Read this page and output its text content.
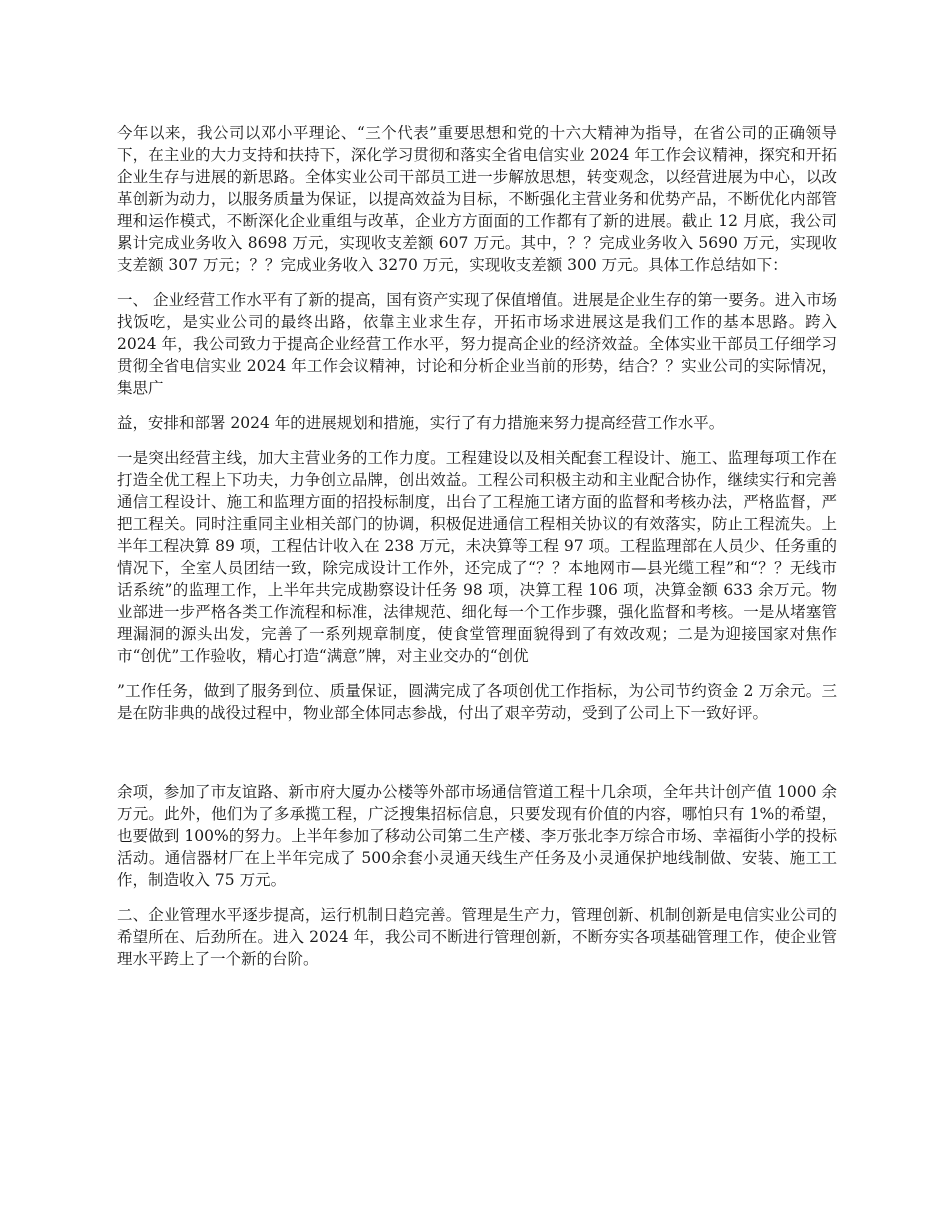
今年以来，我公司以邓小平理论、“三个代表”重要思想和党的十六大精神为指导，在省公司的正确领导下，在主业的大力支持和扶持下，深化学习贯彻和落实全省电信实业 2024 年工作会议精神，探究和开拓企业生存与进展的新思路。全体实业公司干部员工进一步解放思想，转变观念，以经营进展为中心，以改革创新为动力，以服务质量为保证，以提高效益为目标，不断强化主营业务和优势产品，不断优化内部管理和运作模式，不断深化企业重组与改革，企业方方面面的工作都有了新的进展。截止 12 月底，我公司累计完成业务收入 8698 万元，实现收支差额 607 万元。其中，？？完成业务收入 5690 万元，实现收支差额 307 万元；？？完成业务收入 3270 万元，实现收支差额 300 万元。具体工作总结如下：

一、 企业经营工作水平有了新的提高，国有资产实现了保值增值。进展是企业生存的第一要务。进入市场找饭吃，是实业公司的最终出路，依靠主业求生存，开拓市场求进展这是我们工作的基本思路。跨入 2024 年，我公司致力于提高企业经营工作水平，努力提高企业的经济效益。全体实业干部员工仔细学习贯彻全省电信实业 2024 年工作会议精神，讨论和分析企业当前的形势，结合？？实业公司的实际情况，集思广

益，安排和部署 2024 年的进展规划和措施，实行了有力措施来努力提高经营工作水平。

一是突出经营主线，加大主营业务的工作力度。工程建设以及相关配套工程设计、施工、监理每项工作在打造全优工程上下功夫，力争创立品牌，创出效益。工程公司积极主动和主业配合协作，继续实行和完善通信工程设计、施工和监理方面的招投标制度，出台了工程施工诸方面的监督和考核办法，严格监督，严把工程关。同时注重同主业相关部门的协调，积极促进通信工程相关协议的有效落实，防止工程流失。上半年工程决算 89 项，工程估计收入在 238 万元，未决算等工程 97 项。工程监理部在人员少、任务重的情况下，全室人员团结一致，除完成设计工作外，还完成了“？？本地网市—县光缆工程”和“？？无线市话系统”的监理工作，上半年共完成勘察设计任务 98 项，决算工程 106 项，决算金额 633 余万元。物业部进一步严格各类工作流程和标准，法律规范、细化每一个工作步骤，强化监督和考核。一是从堵塞管理漏洞的源头出发，完善了一系列规章制度，使食堂管理面貌得到了有效改观；二是为迎接国家对焦作市“创优”工作验收，精心打造“满意”牌，对主业交办的“创优

”工作任务，做到了服务到位、质量保证，圆满完成了各项创优工作指标，为公司节约资金 2 万余元。三是在防非典的战役过程中，物业部全体同志参战，付出了艰辛劳动，受到了公司上下一致好评。

余项，参加了市友谊路、新市府大厦办公楼等外部市场通信管道工程十几余项，全年共计创产值 1000 余万元。此外，他们为了多承揽工程，广泛搜集招标信息，只要发现有价值的内容，哪怕只有 1%的希望，也要做到 100%的努力。上半年参加了移动公司第二生产楼、李万张北李万综合市场、幸福街小学的投标活动。通信器材厂在上半年完成了 500余套小灵通天线生产任务及小灵通保护地线制做、安装、施工工作，制造收入 75 万元。

二、企业管理水平逐步提高，运行机制日趋完善。管理是生产力，管理创新、机制创新是电信实业公司的希望所在、后劲所在。进入 2024 年，我公司不断进行管理创新，不断夯实各项基础管理工作，使企业管理水平跨上了一个新的台阶。
